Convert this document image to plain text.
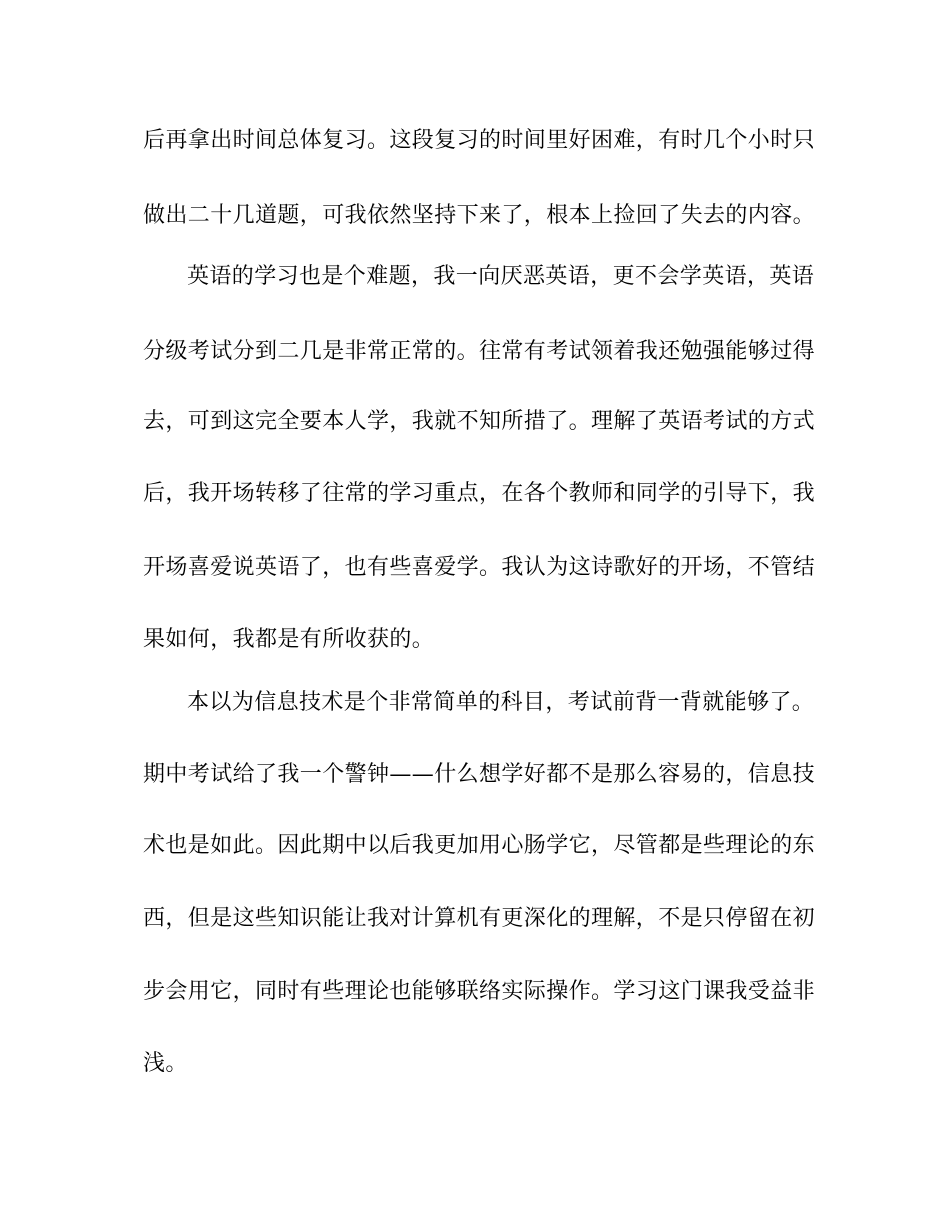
后再拿出时间总体复习。这段复习的时间里好困难，有时几个小时只
做出二十几道题，可我依然坚持下来了，根本上捡回了失去的内容。
英语的学习也是个难题，我一向厌恶英语，更不会学英语，英语
分级考试分到二几是非常正常的。往常有考试领着我还勉强能够过得
去，可到这完全要本人学，我就不知所措了。理解了英语考试的方式
后，我开场转移了往常的学习重点，在各个教师和同学的引导下，我
开场喜爱说英语了，也有些喜爱学。我认为这诗歌好的开场，不管结
果如何，我都是有所收获的。
本以为信息技术是个非常简单的科目，考试前背一背就能够了。
期中考试给了我一个警钟——什么想学好都不是那么容易的，信息技
术也是如此。因此期中以后我更加用心肠学它，尽管都是些理论的东
西，但是这些知识能让我对计算机有更深化的理解，不是只停留在初
步会用它，同时有些理论也能够联络实际操作。学习这门课我受益非
浅。
